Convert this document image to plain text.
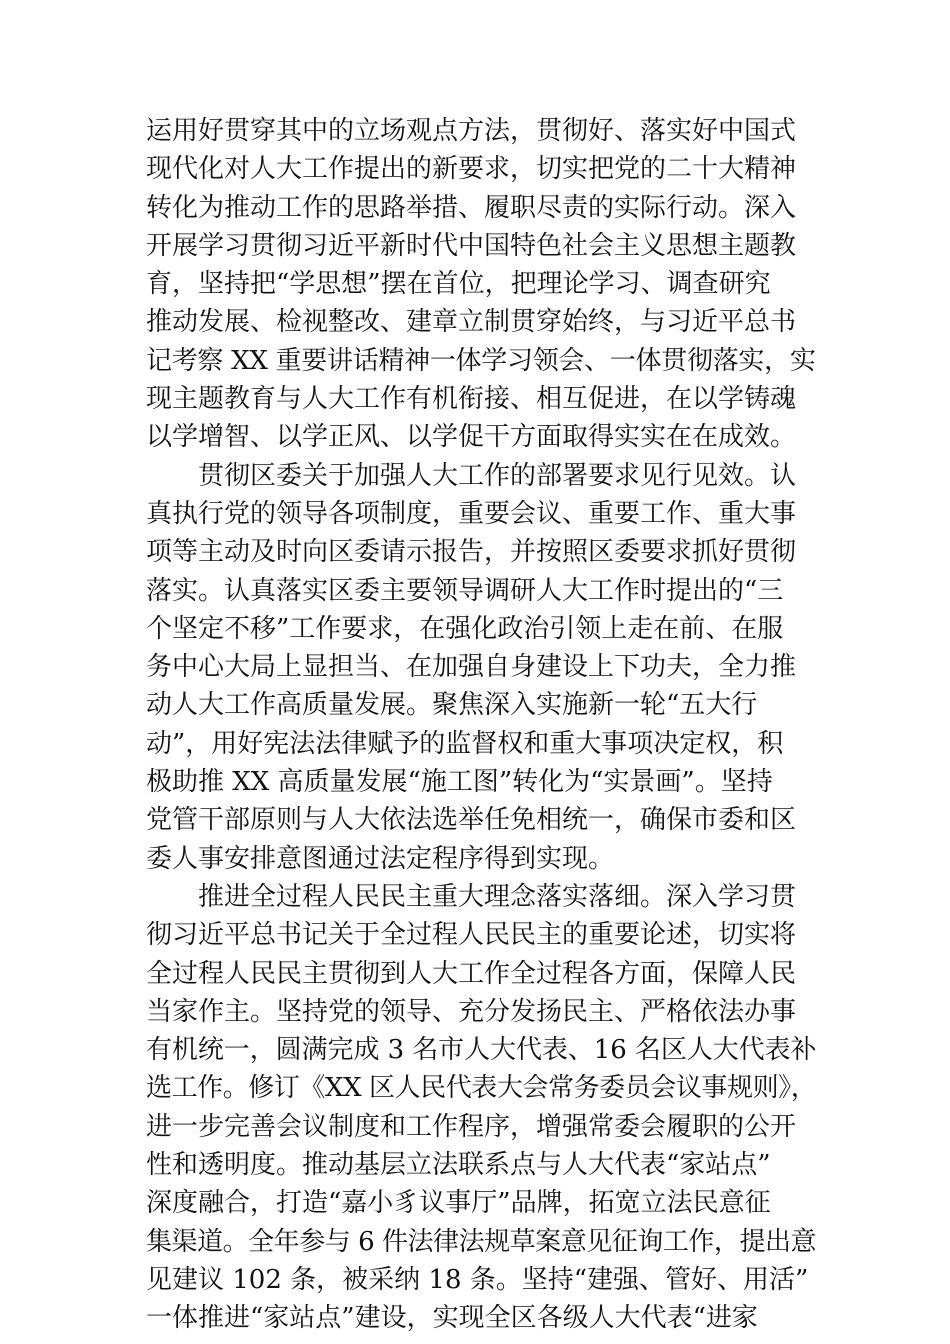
运用好贯穿其中的立场观点方法，贯彻好、落实好中国式
现代化对人大工作提出的新要求，切实把党的二十大精神
转化为推动工作的思路举措、履职尽责的实际行动。深入
开展学习贯彻习近平新时代中国特色社会主义思想主题教
育，坚持把“学思想”摆在首位，把理论学习、调查研究
推动发展、检视整改、建章立制贯穿始终，与习近平总书
记考察 XX 重要讲话精神一体学习领会、一体贯彻落实，实
现主题教育与人大工作有机衔接、相互促进，在以学铸魂
以学增智、以学正风、以学促干方面取得实实在在成效。
贯彻区委关于加强人大工作的部署要求见行见效。认
真执行党的领导各项制度，重要会议、重要工作、重大事
项等主动及时向区委请示报告，并按照区委要求抓好贯彻
落实。认真落实区委主要领导调研人大工作时提出的“三
个坚定不移”工作要求，在强化政治引领上走在前、在服
务中心大局上显担当、在加强自身建设上下功夫，全力推
动人大工作高质量发展。聚焦深入实施新一轮“五大行
动”，用好宪法法律赋予的监督权和重大事项决定权，积
极助推 XX 高质量发展“施工图”转化为“实景画”。坚持
党管干部原则与人大依法选举任免相统一，确保市委和区
委人事安排意图通过法定程序得到实现。
推进全过程人民民主重大理念落实落细。深入学习贯
彻习近平总书记关于全过程人民民主的重要论述，切实将
全过程人民民主贯彻到人大工作全过程各方面，保障人民
当家作主。坚持党的领导、充分发扬民主、严格依法办事
有机统一，圆满完成 3 名市人大代表、16 名区人大代表补
选工作。修订《XX 区人民代表大会常务委员会议事规则》，
进一步完善会议制度和工作程序，增强常委会履职的公开
性和透明度。推动基层立法联系点与人大代表“家站点”
深度融合，打造“嘉小豸议事厅”品牌，拓宽立法民意征
集渠道。全年参与 6 件法律法规草案意见征询工作，提出意
见建议 102 条，被采纳 18 条。坚持“建强、管好、用活”
一体推进“家站点”建设，实现全区各级人大代表“进家
